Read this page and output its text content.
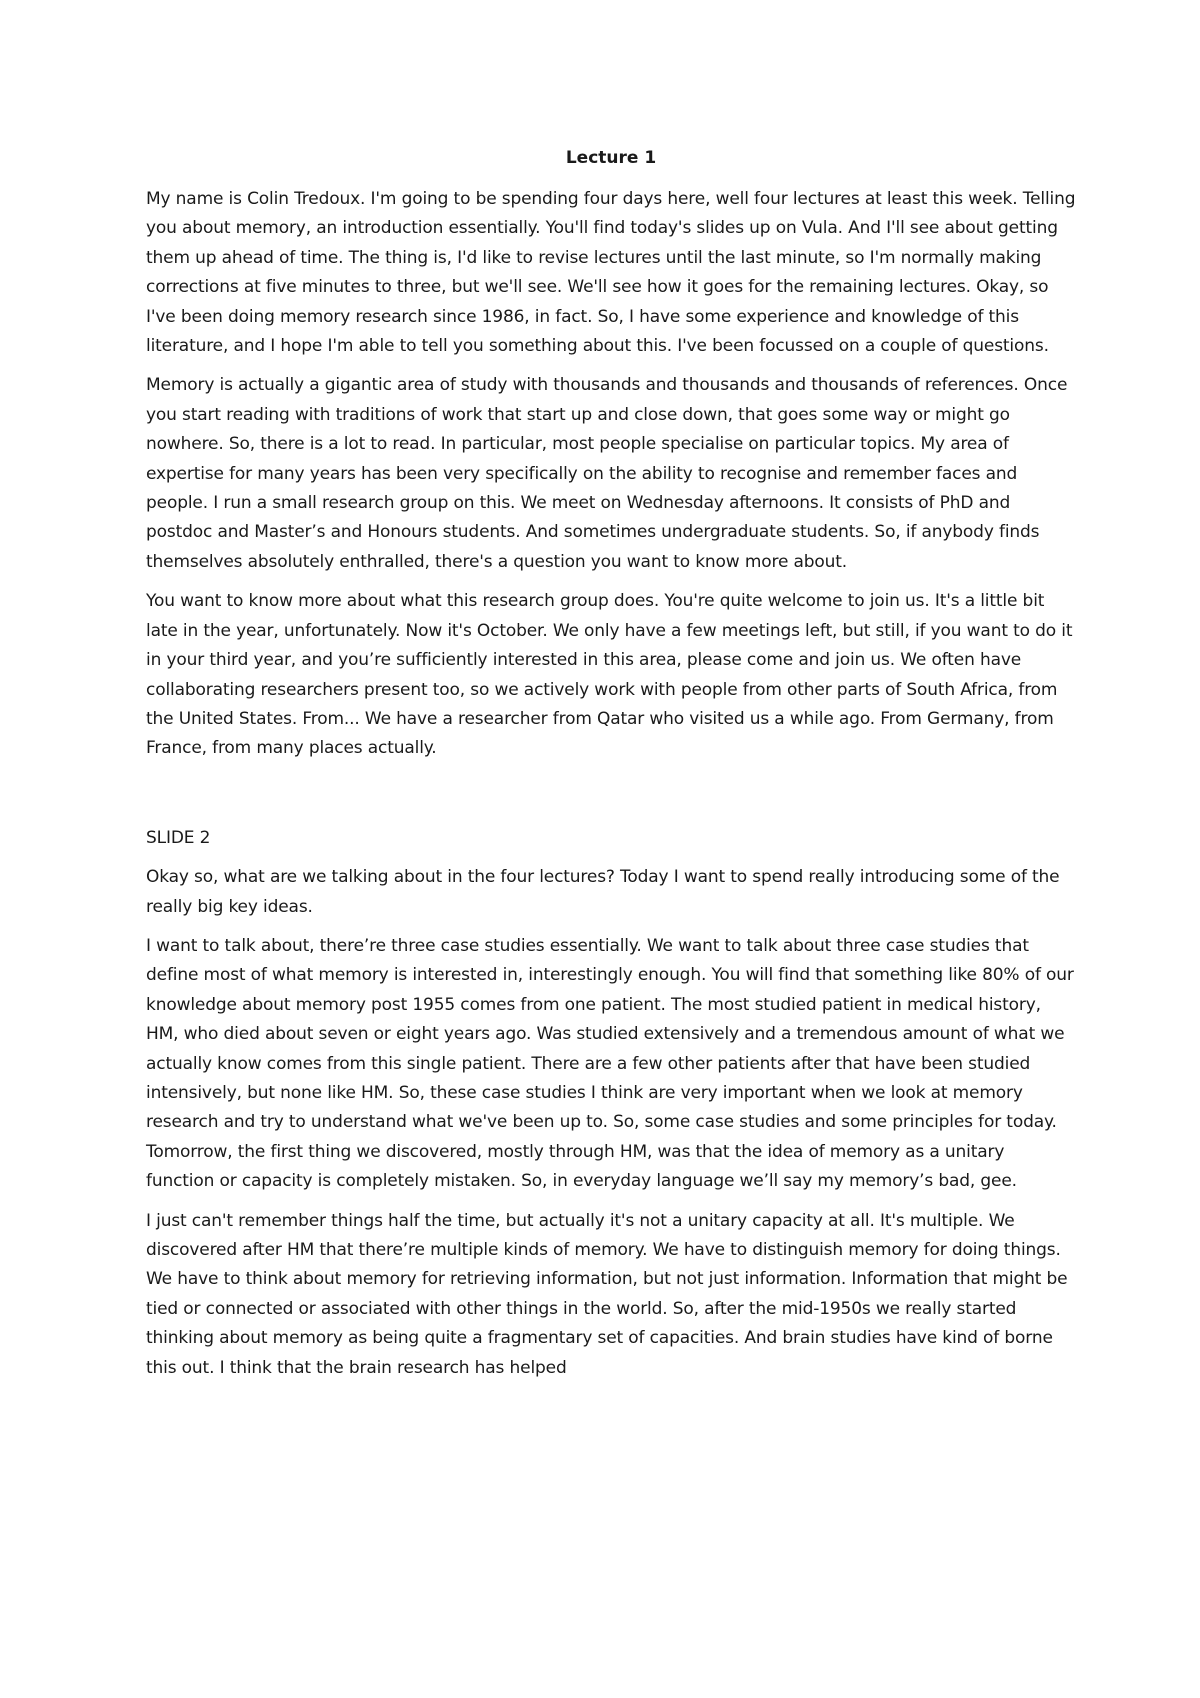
Lecture 1

My name is Colin Tredoux. I'm going to be spending four days here, well four lectures at least this week. Telling you about memory, an introduction essentially. You'll find today's slides up on Vula. And I'll see about getting them up ahead of time. The thing is, I'd like to revise lectures until the last minute, so I'm normally making corrections at five minutes to three, but we'll see. We'll see how it goes for the remaining lectures. Okay, so I've been doing memory research since 1986, in fact. So, I have some experience and knowledge of this literature, and I hope I'm able to tell you something about this. I've been focussed on a couple of questions.

Memory is actually a gigantic area of study with thousands and thousands and thousands of references. Once you start reading with traditions of work that start up and close down, that goes some way or might go nowhere. So, there is a lot to read. In particular, most people specialise on particular topics. My area of expertise for many years has been very specifically on the ability to recognise and remember faces and people. I run a small research group on this. We meet on Wednesday afternoons. It consists of PhD and postdoc and Master’s and Honours students. And sometimes undergraduate students. So, if anybody finds themselves absolutely enthralled, there's a question you want to know more about.

You want to know more about what this research group does. You're quite welcome to join us. It's a little bit late in the year, unfortunately. Now it's October. We only have a few meetings left, but still, if you want to do it in your third year, and you’re sufficiently interested in this area, please come and join us. We often have collaborating researchers present too, so we actively work with people from other parts of South Africa, from the United States. From... We have a researcher from Qatar who visited us a while ago. From Germany, from France, from many places actually.

SLIDE 2

Okay so, what are we talking about in the four lectures? Today I want to spend really introducing some of the really big key ideas.

I want to talk about, there’re three case studies essentially. We want to talk about three case studies that define most of what memory is interested in, interestingly enough. You will find that something like 80% of our knowledge about memory post 1955 comes from one patient. The most studied patient in medical history, HM, who died about seven or eight years ago. Was studied extensively and a tremendous amount of what we actually know comes from this single patient. There are a few other patients after that have been studied intensively, but none like HM. So, these case studies I think are very important when we look at memory research and try to understand what we've been up to. So, some case studies and some principles for today. Tomorrow, the first thing we discovered, mostly through HM, was that the idea of memory as a unitary function or capacity is completely mistaken. So, in everyday language we’ll say my memory’s bad, gee.

I just can't remember things half the time, but actually it's not a unitary capacity at all. It's multiple. We discovered after HM that there’re multiple kinds of memory. We have to distinguish memory for doing things. We have to think about memory for retrieving information, but not just information. Information that might be tied or connected or associated with other things in the world. So, after the mid-1950s we really started thinking about memory as being quite a fragmentary set of capacities. And brain studies have kind of borne this out. I think that the brain research has helped
